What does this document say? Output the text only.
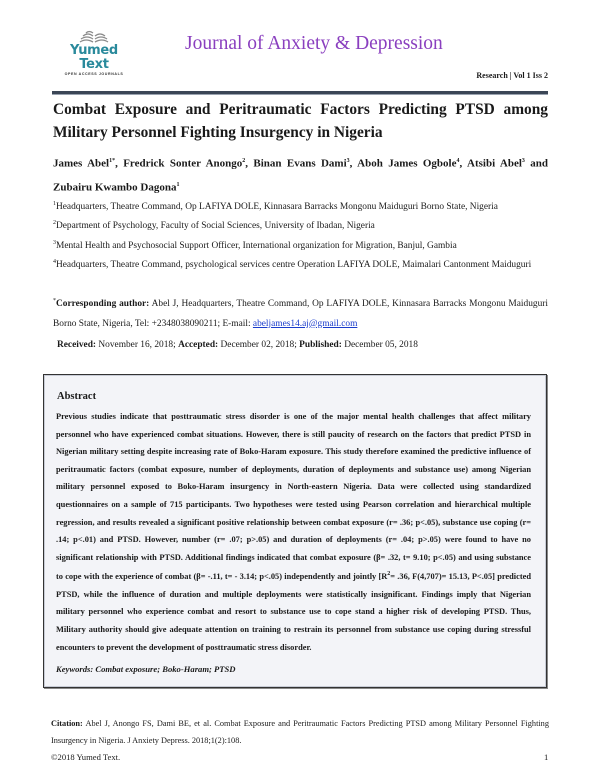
Yumed Text
OPEN ACCESS JOURNALS
Journal of Anxiety & Depression
Research | Vol 1 Iss 2
Combat Exposure and Peritraumatic Factors Predicting PTSD among
Military Personnel Fighting Insurgency in Nigeria
James Abel$^{1*}$, Fredrick Sonter Anongo$^2$, Binan Evans Dami$^3$, Aboh James Ogbole$^4$, Atsibi Abel$^3$ and Zubairu Kwambo Dagona$^1$
$^1$Headquarters, Theatre Command, Op LAFIYA DOLE, Kinnasara Barracks Mongonu Maiduguri Borno State, Nigeria
$^2$Department of Psychology, Faculty of Social Sciences, University of Ibadan, Nigeria
$^3$Mental Health and Psychosocial Support Officer, International organization for Migration, Banjul, Gambia
$^4$Headquarters, Theatre Command, psychological services centre Operation LAFIYA DOLE, Maimalari Cantonment Maiduguri
*Corresponding author: Abel J, Headquarters, Theatre Command, Op LAFIYA DOLE, Kinnasara Barracks Mongonu Maiduguri Borno State, Nigeria, Tel: +2348038090211; E-mail: abeljames14.aj@gmail.com
Received: November 16, 2018; Accepted: December 02, 2018; Published: December 05, 2018
Abstract
Previous studies indicate that posttraumatic stress disorder is one of the major mental health challenges that affect military personnel who have experienced combat situations. However, there is still paucity of research on the factors that predict PTSD in Nigerian military setting despite increasing rate of Boko-Haram exposure. This study therefore examined the predictive influence of peritraumatic factors (combat exposure, number of deployments, duration of deployments and substance use) among Nigerian military personnel exposed to Boko-Haram insurgency in North-eastern Nigeria. Data were collected using standardized questionnaires on a sample of 715 participants. Two hypotheses were tested using Pearson correlation and hierarchical multiple regression, and results revealed a significant positive relationship between combat exposure (r= .36; p<.05), substance use coping (r= .14; p<.01) and PTSD. However, number (r= .07; p>.05) and duration of deployments (r= .04; p>.05) were found to have no significant relationship with PTSD. Additional findings indicated that combat exposure (β= .32, t= 9.10; p<.05) and using substance to cope with the experience of combat (β= -.11, t= - 3.14; p<.05) independently and jointly [$R^2= .36$, F(4,707)= 15.13, P<.05] predicted PTSD, while the influence of duration and multiple deployments were statistically insignificant. Findings imply that Nigerian military personnel who experience combat and resort to substance use to cope stand a higher risk of developing PTSD. Thus, Military authority should give adequate attention on training to restrain its personnel from substance use coping during stressful encounters to prevent the development of posttraumatic stress disorder.
Keywords: Combat exposure; Boko-Haram; PTSD
Citation: Abel J, Anongo FS, Dami BE, et al. Combat Exposure and Peritraumatic Factors Predicting PTSD among Military Personnel Fighting Insurgency in Nigeria. J Anxiety Depress. 2018;1(2):108.
©2018 Yumed Text.	1
